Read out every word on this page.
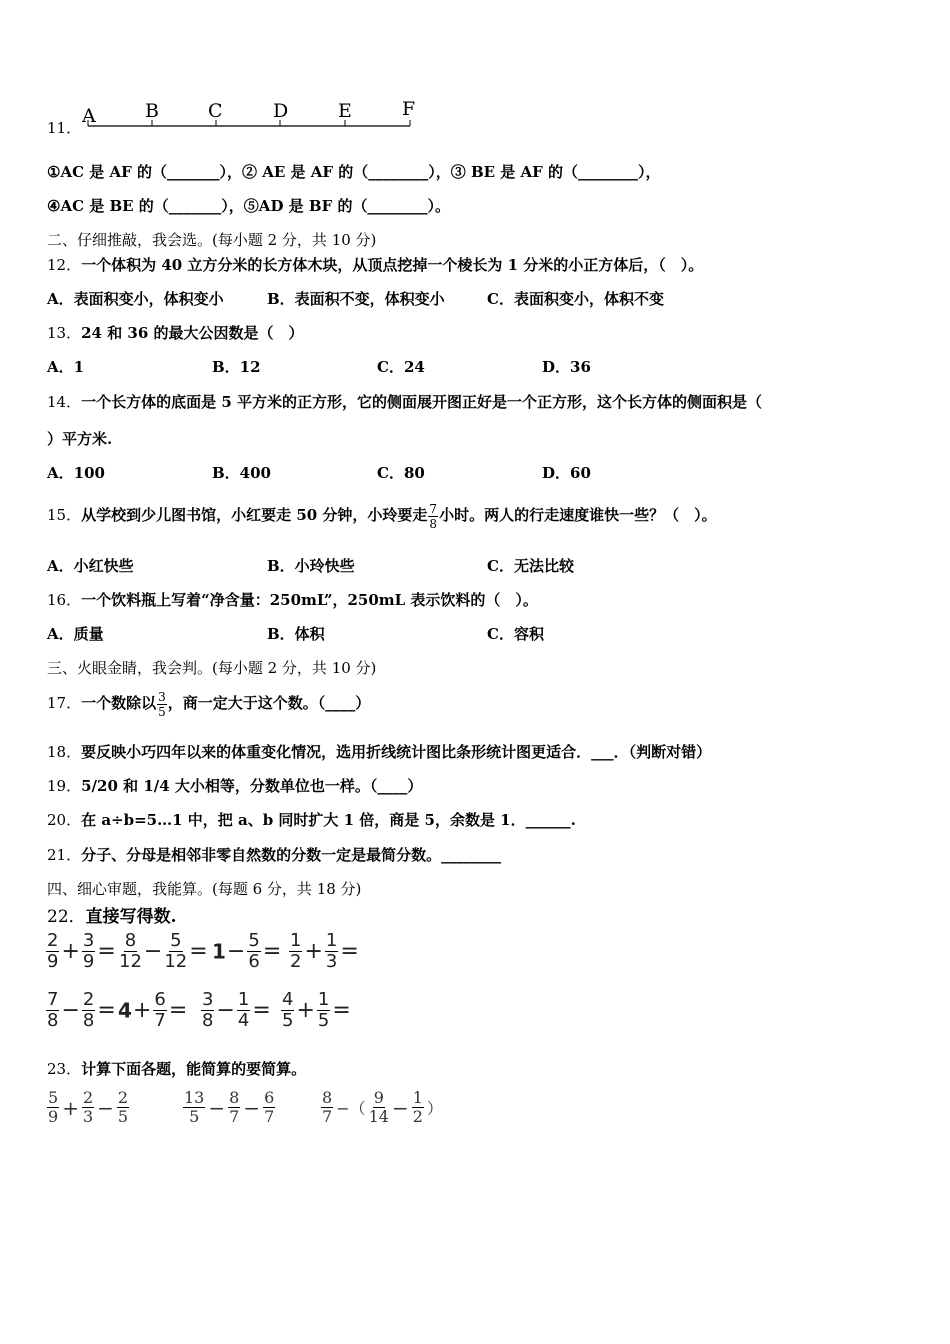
11．
A	B	C	D	E	F
①AC 是 AF 的（_______），② AE 是 AF 的（________），③ BE 是 AF 的（________），
④AC 是 BE 的（_______），⑤AD 是 BF 的（________）。
二、仔细推敲，我会选。(每小题 2 分，共 10 分)
12．一个体积为 40 立方分米的长方体木块，从顶点挖掉一个棱长为 1 分米的小正方体后，（　）。
A．表面积变小，体积变小	B．表面积不变，体积变小	C．表面积变小，体积不变
13．24 和 36 的最大公因数是（　）
A．1	B．12	C．24	D．36
14．一个长方体的底面是 5 平方米的正方形，它的侧面展开图正好是一个正方形，这个长方体的侧面积是（
）平方米.
A．100	B．400	C．80	D．60
15．从学校到少儿图书馆，小红要走 50 分钟，小玲要走 $\frac{7}{8}$ 小时。两人的行走速度谁快一些？（　）。
A．小红快些	B．小玲快些	C．无法比较
16．一个饮料瓶上写着“净含量：250mL”，250mL 表示饮料的（　）。
A．质量	B．体积	C．容积
三、火眼金睛，我会判。(每小题 2 分，共 10 分)
17．一个数除以 $\frac{3}{5}$ ，商一定大于这个数。（____）
18．要反映小巧四年以来的体重变化情况，选用折线统计图比条形统计图更适合．___．（判断对错）
19．5/20 和 1/4 大小相等，分数单位也一样。（____）
20．在 a÷b=5…1 中，把 a、b 同时扩大 1 倍，商是 5，余数是 1．______.
21．分子、分母是相邻非零自然数的分数一定是最简分数。________
四、细心审题，我能算。(每题 6 分，共 18 分)
22．直接写得数.
$\frac{2}{9} + \frac{3}{9} = \frac{8}{12} - \frac{5}{12} = 1- \frac{5}{6} = \frac{1}{2} + \frac{1}{3}$ =
$\frac{7}{8} - \frac{2}{8} = 4+ \frac{6}{7} = \frac{3}{8} - \frac{1}{4} = \frac{4}{5} + \frac{1}{5}$ =
23．计算下面各题，能简算的要简算。
$\frac{5}{9} + \frac{2}{3} - \frac{2}{5}$	$\frac{13}{5} - \frac{8}{7} - \frac{6}{7}$	$\frac{8}{7}$ −（ $\frac{9}{14} - \frac{1}{2}$ ）
